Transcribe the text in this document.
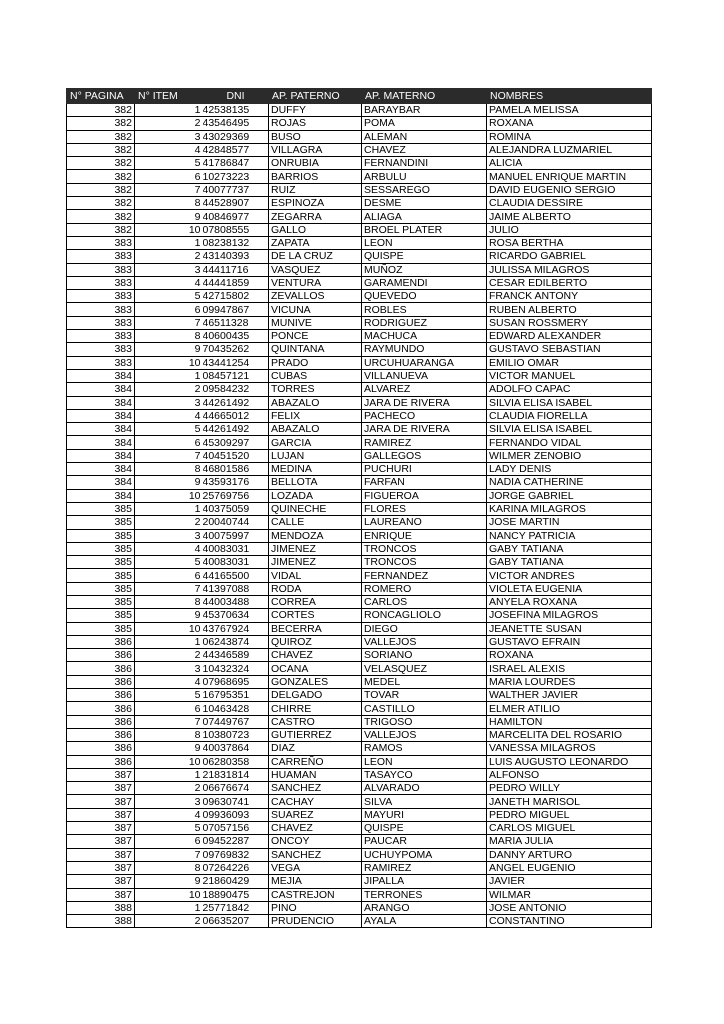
N° PAGINA	N° ITEM	DNI	AP. PATERNO	AP. MATERNO	NOMBRES
382	1	42538135	DUFFY	BARAYBAR	PAMELA MELISSA
382	2	43546495	ROJAS	POMA	ROXANA
382	3	43029369	BUSO	ALEMAN	ROMINA
382	4	42848577	VILLAGRA	CHAVEZ	ALEJANDRA LUZMARIEL
382	5	41786847	ONRUBIA	FERNANDINI	ALICIA
382	6	10273223	BARRIOS	ARBULU	MANUEL ENRIQUE MARTIN
382	7	40077737	RUIZ	SESSAREGO	DAVID EUGENIO SERGIO
382	8	44528907	ESPINOZA	DESME	CLAUDIA DESSIRE
382	9	40846977	ZEGARRA	ALIAGA	JAIME ALBERTO
382	10	07808555	GALLO	BROEL PLATER	JULIO
383	1	08238132	ZAPATA	LEON	ROSA BERTHA
383	2	43140393	DE LA CRUZ	QUISPE	RICARDO GABRIEL
383	3	44411716	VASQUEZ	MUÑOZ	JULISSA MILAGROS
383	4	44441859	VENTURA	GARAMENDI	CESAR EDILBERTO
383	5	42715802	ZEVALLOS	QUEVEDO	FRANCK ANTONY
383	6	09947867	VICUNA	ROBLES	RUBEN ALBERTO
383	7	46511328	MUNIVE	RODRIGUEZ	SUSAN ROSSMERY
383	8	40600435	PONCE	MACHUCA	EDWARD ALEXANDER
383	9	70435262	QUINTANA	RAYMUNDO	GUSTAVO SEBASTIAN
383	10	43441254	PRADO	URCUHUARANGA	EMILIO OMAR
384	1	08457121	CUBAS	VILLANUEVA	VICTOR MANUEL
384	2	09584232	TORRES	ALVAREZ	ADOLFO CAPAC
384	3	44261492	ABAZALO	JARA DE RIVERA	SILVIA ELISA ISABEL
384	4	44665012	FELIX	PACHECO	CLAUDIA FIORELLA
384	5	44261492	ABAZALO	JARA DE RIVERA	SILVIA ELISA ISABEL
384	6	45309297	GARCIA	RAMIREZ	FERNANDO VIDAL
384	7	40451520	LUJAN	GALLEGOS	WILMER ZENOBIO
384	8	46801586	MEDINA	PUCHURI	LADY DENIS
384	9	43593176	BELLOTA	FARFAN	NADIA CATHERINE
384	10	25769756	LOZADA	FIGUEROA	JORGE GABRIEL
385	1	40375059	QUINECHE	FLORES	KARINA MILAGROS
385	2	20040744	CALLE	LAUREANO	JOSE MARTIN
385	3	40075997	MENDOZA	ENRIQUE	NANCY PATRICIA
385	4	40083031	JIMENEZ	TRONCOS	GABY TATIANA
385	5	40083031	JIMENEZ	TRONCOS	GABY TATIANA
385	6	44165500	VIDAL	FERNANDEZ	VICTOR ANDRES
385	7	41397088	RODA	ROMERO	VIOLETA EUGENIA
385	8	44003488	CORREA	CARLOS	ANYELA ROXANA
385	9	45370634	CORTES	RONCAGLIOLO	JOSEFINA MILAGROS
385	10	43767924	BECERRA	DIEGO	JEANETTE SUSAN
386	1	06243874	QUIROZ	VALLEJOS	GUSTAVO EFRAIN
386	2	44346589	CHAVEZ	SORIANO	ROXANA
386	3	10432324	OCANA	VELASQUEZ	ISRAEL ALEXIS
386	4	07968695	GONZALES	MEDEL	MARIA LOURDES
386	5	16795351	DELGADO	TOVAR	WALTHER JAVIER
386	6	10463428	CHIRRE	CASTILLO	ELMER ATILIO
386	7	07449767	CASTRO	TRIGOSO	HAMILTON
386	8	10380723	GUTIERREZ	VALLEJOS	MARCELITA DEL ROSARIO
386	9	40037864	DIAZ	RAMOS	VANESSA MILAGROS
386	10	06280358	CARREÑO	LEON	LUIS AUGUSTO LEONARDO
387	1	21831814	HUAMAN	TASAYCO	ALFONSO
387	2	06676674	SANCHEZ	ALVARADO	PEDRO WILLY
387	3	09630741	CACHAY	SILVA	JANETH MARISOL
387	4	09936093	SUAREZ	MAYURI	PEDRO MIGUEL
387	5	07057156	CHAVEZ	QUISPE	CARLOS MIGUEL
387	6	09452287	ONCOY	PAUCAR	MARIA JULIA
387	7	09769832	SANCHEZ	UCHUYPOMA	DANNY ARTURO
387	8	07264226	VEGA	RAMIREZ	ANGEL EUGENIO
387	9	21860429	MEJIA	JIPALLA	JAVIER
387	10	18890475	CASTREJON	TERRONES	WILMAR
388	1	25771842	PINO	ARANGO	JOSE ANTONIO
388	2	06635207	PRUDENCIO	AYALA	CONSTANTINO
